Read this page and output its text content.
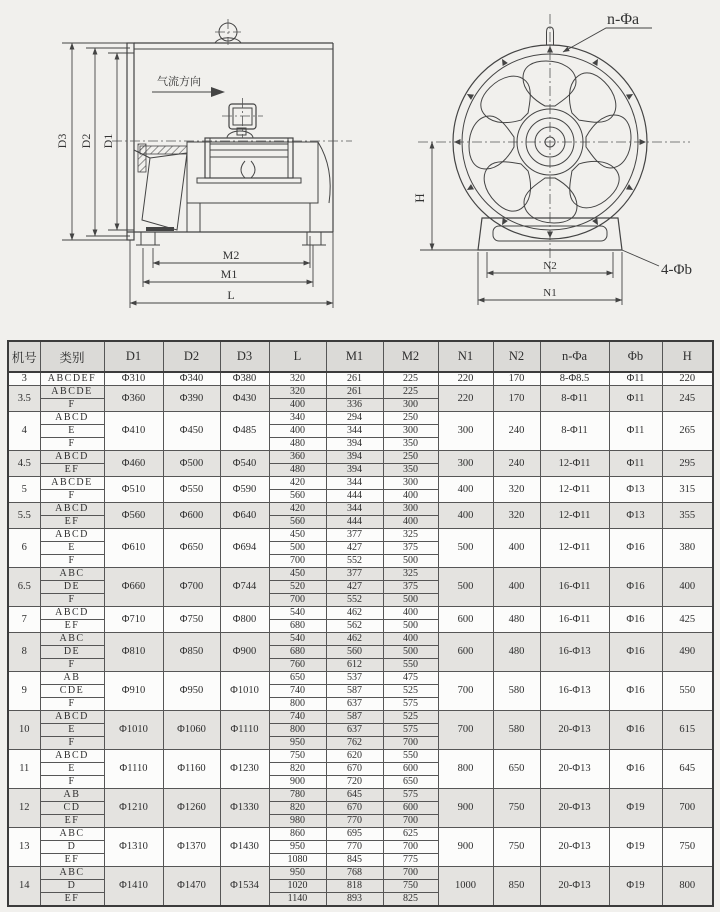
气流方向
D3 D2 D1
M2
M1
L
n-Φa
4-Φb
H
N2
N1
机号	类别	D1	D2	D3	L	M1	M2	N1	N2	n-Φa	Φb	H
3	ABCDEF	Φ310	Φ340	Φ380	320	261	225	220	170	8-Φ8.5	Φ11	220
3.5	ABCDE	Φ360	Φ390	Φ430	320	261	225	220	170	8-Φ11	Φ11	245
	F				400	336	300					
4	ABCD	Φ410	Φ450	Φ485	340	294	250	300	240	8-Φ11	Φ11	265
	E				400	344	300					
	F				480	394	350					
4.5	ABCD	Φ460	Φ500	Φ540	360	394	250	300	240	12-Φ11	Φ11	295
	EF				480	394	350					
5	ABCDE	Φ510	Φ550	Φ590	420	344	300	400	320	12-Φ11	Φ13	315
	F				560	444	400					
5.5	ABCD	Φ560	Φ600	Φ640	420	344	300	400	320	12-Φ11	Φ13	355
	EF				560	444	400					
6	ABCD	Φ610	Φ650	Φ694	450	377	325	500	400	12-Φ11	Φ16	380
	E				500	427	375					
	F				700	552	500					
6.5	ABC	Φ660	Φ700	Φ744	450	377	325	500	400	16-Φ11	Φ16	400
	DE				520	427	375					
	F				700	552	500					
7	ABCD	Φ710	Φ750	Φ800	540	462	400	600	480	16-Φ11	Φ16	425
	EF				680	562	500					
8	ABC	Φ810	Φ850	Φ900	540	462	400	600	480	16-Φ13	Φ16	490
	DE				680	560	500					
	F				760	612	550					
9	AB	Φ910	Φ950	Φ1010	650	537	475	700	580	16-Φ13	Φ16	550
	CDE				740	587	525					
	F				800	637	575					
10	ABCD	Φ1010	Φ1060	Φ1110	740	587	525	700	580	20-Φ13	Φ16	615
	E				800	637	575					
	F				950	762	700					
11	ABCD	Φ1110	Φ1160	Φ1230	750	620	550	800	650	20-Φ13	Φ16	645
	E				820	670	600					
	F				900	720	650					
12	AB	Φ1210	Φ1260	Φ1330	780	645	575	900	750	20-Φ13	Φ19	700
	CD				820	670	600					
	EF				980	770	700					
13	ABC	Φ1310	Φ1370	Φ1430	860	695	625	900	750	20-Φ13	Φ19	750
	D				950	770	700					
	EF				1080	845	775					
14	ABC	Φ1410	Φ1470	Φ1534	950	768	700	1000	850	20-Φ13	Φ19	800
	D				1020	818	750					
	EF				1140	893	825					
